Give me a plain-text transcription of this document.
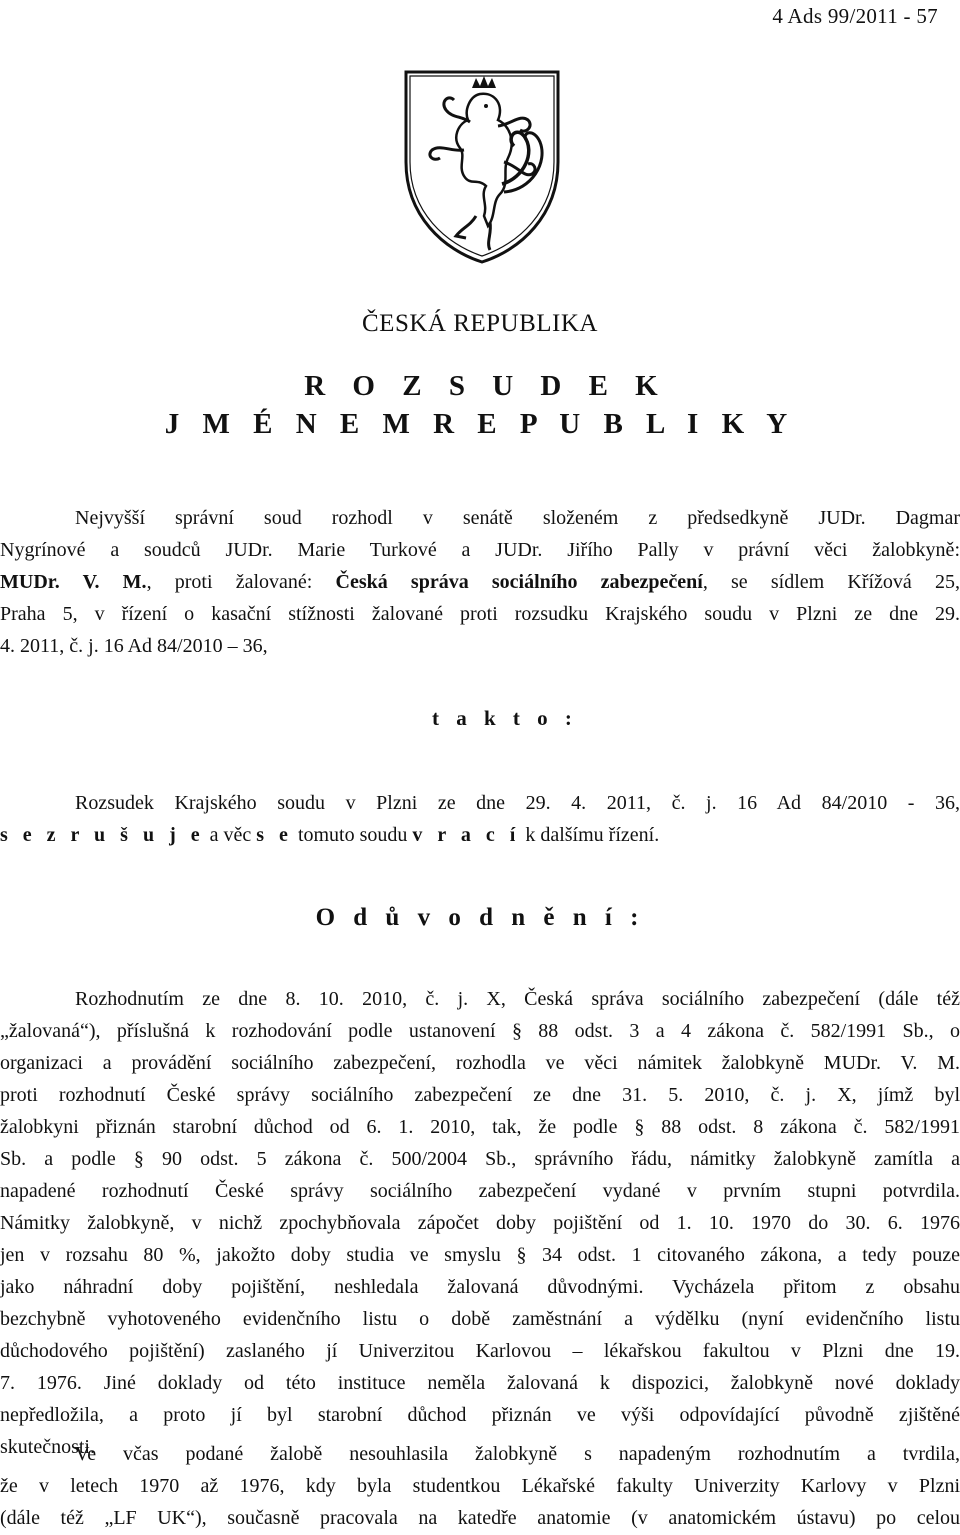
4 Ads 99/2011 - 57
ČESKÁ REPUBLIKA
R O Z S U D E K
J M É N E M R E P U B L I K Y
Nejvyšší správní soud rozhodl v senátě složeném z předsedkyně JUDr. Dagmar
Nygrínové a soudců JUDr. Marie Turkové a JUDr. Jiřího Pally v právní věci žalobkyně:
MUDr. V. M., proti žalované: Česká správa sociálního zabezpečení, se sídlem Křížová 25,
Praha 5, v řízení o kasační stížnosti žalované proti rozsudku Krajského soudu v Plzni ze dne 29.
4. 2011, č. j. 16 Ad 84/2010 – 36,
t a k t o :
Rozsudek Krajského soudu v Plzni ze dne 29. 4. 2011, č. j. 16 Ad 84/2010 - 36,
s e z r u š u j e a věc s e tomuto soudu v r a c í k dalšímu řízení.
O d ů v o d n ě n í :
Rozhodnutím ze dne 8. 10. 2010, č. j. X, Česká správa sociálního zabezpečení (dále též
„žalovaná“), příslušná k rozhodování podle ustanovení § 88 odst. 3 a 4 zákona č. 582/1991 Sb., o
organizaci a provádění sociálního zabezpečení, rozhodla ve věci námitek žalobkyně MUDr. V. M.
proti rozhodnutí České správy sociálního zabezpečení ze dne 31. 5. 2010, č. j. X, jímž byl
žalobkyni přiznán starobní důchod od 6. 1. 2010, tak, že podle § 88 odst. 8 zákona č. 582/1991
Sb. a podle § 90 odst. 5 zákona č. 500/2004 Sb., správního řádu, námitky žalobkyně zamítla a
napadené rozhodnutí České správy sociálního zabezpečení vydané v prvním stupni potvrdila.
Námitky žalobkyně, v nichž zpochybňovala zápočet doby pojištění od 1. 10. 1970 do 30. 6. 1976
jen v rozsahu 80 %, jakožto doby studia ve smyslu § 34 odst. 1 citovaného zákona, a tedy pouze
jako náhradní doby pojištění, neshledala žalovaná důvodnými. Vycházela přitom z obsahu
bezchybně vyhotoveného evidenčního listu o době zaměstnání a výdělku (nyní evidenčního listu
důchodového pojištění) zaslaného jí Univerzitou Karlovou – lékařskou fakultou v Plzni dne 19.
7. 1976. Jiné doklady od této instituce neměla žalovaná k dispozici, žalobkyně nové doklady
nepředložila, a proto jí byl starobní důchod přiznán ve výši odpovídající původně zjištěné
skutečnosti.
Ve včas podané žalobě nesouhlasila žalobkyně s napadeným rozhodnutím a tvrdila,
že v letech 1970 až 1976, kdy byla studentkou Lékařské fakulty Univerzity Karlovy v Plzni
(dále též „LF UK“), současně pracovala na katedře anatomie (v anatomickém ústavu) po celou
